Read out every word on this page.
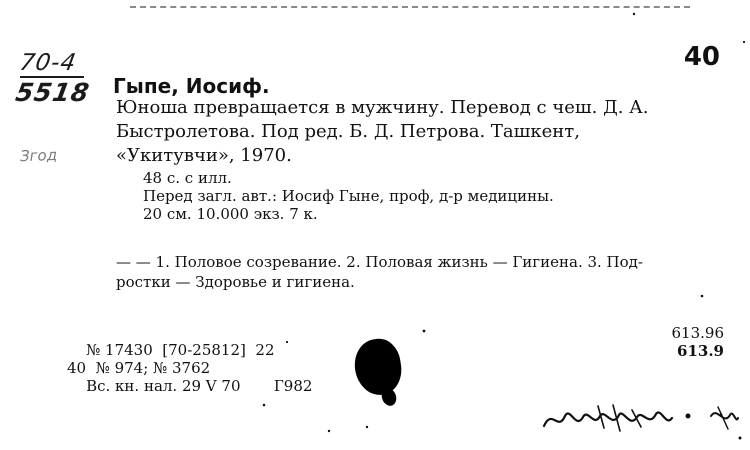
70-4
5518
Згод
40
Гыпе, Иосиф.
Юноша превращается в мужчину. Перевод с чеш. Д. А.
Быстролетова. Под ред. Б. Д. Петрова. Ташкент,
«Укитувчи», 1970.
48 с. с илл.
Перед загл. авт.: Иосиф Гыне, проф, д-р медицины.
20 см. 10.000 экз. 7 к.
— — 1. Половое созревание. 2. Половая жизнь — Гигиена. 3. Под-
ростки — Здоровье и гигиена.
613.96
613.9
№ 17430  [70-25812]  22
40  № 974; № 3762
Вс. кн. нал. 29 V 70       Г982
